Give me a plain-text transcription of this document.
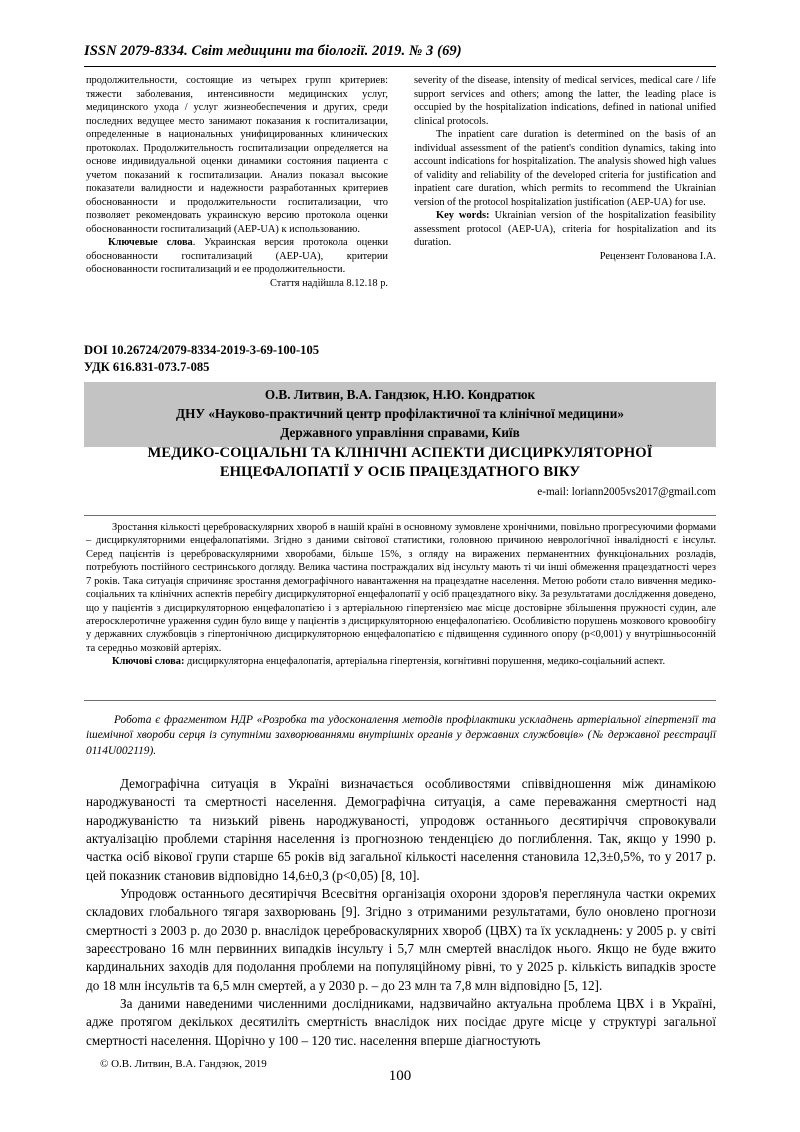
ISSN 2079-8334. Світ медицини та біології. 2019. № 3 (69)

продолжительности, состоящие из четырех групп критериев: тяжести заболевания, интенсивности медицинских услуг, медицинского ухода / услуг жизнеобеспечения и других, среди последних ведущее место занимают показания к госпитализации, определенные в национальных унифицированных клинических протоколах. Продолжительность госпитализации определяется на основе индивидуальной оценки динамики состояния пациента с учетом показаний к госпитализации. Анализ показал высокие показатели валидности и надежности разработанных критериев обоснованности и продолжительности госпитализации, что позволяет рекомендовать украинскую версию протокола оценки обоснованности госпитализаций (AEP-UA) к использованию.

Ключевые слова. Украинская версия протокола оценки обоснованности госпитализаций (AEP-UA), критерии обоснованности госпитализаций и ее продолжительности.

Стаття надійшла 8.12.18 р.

severity of the disease, intensity of medical services, medical care / life support services and others; among the latter, the leading place is occupied by the hospitalization indications, defined in national unified clinical protocols.

The inpatient care duration is determined on the basis of an individual assessment of the patient's condition dynamics, taking into account indications for hospitalization. The analysis showed high values of validity and reliability of the developed criteria for justification and inpatient care duration, which permits to recommend the Ukrainian version of the protocol hospitalization justification (AEP-UA) for use.

Key words: Ukrainian version of the hospitalization feasibility assessment protocol (AEP-UA), criteria for hospitalization and its duration.

Рецензент Голованова І.А.

DOI 10.26724/2079-8334-2019-3-69-100-105
УДК 616.831-073.7-085
О.В. Литвин, В.А. Гандзюк, Н.Ю. Кондратюк
ДНУ «Науково-практичний центр профілактичної та клінічної медицини»
Державного управління справами, Київ
МЕДИКО-СОЦІАЛЬНІ ТА КЛІНІЧНІ АСПЕКТИ ДИСЦИРКУЛЯТОРНОЇ
ЕНЦЕФАЛОПАТІЇ У ОСІБ ПРАЦЕЗДАТНОГО ВІКУ
e-mail: loriann2005vs2017@gmail.com

Зростання кількості цереброваскулярних хвороб в нашій країні в основному зумовлене хронічними, повільно прогресуючими формами – дисциркуляторними енцефалопатіями. Згідно з даними світової статистики, головною причиною неврологічної інвалідності є інсульт. Серед пацієнтів із цереброваскулярними хворобами, більше 15%, з огляду на виражених перманентних функціональних розладів, потребують постійного сестринського догляду. Велика частина постраждалих від інсульту мають ті чи інші обмеження працездатності через 7 років. Така ситуація спричиняє зростання демографічного навантаження на працездатне населення. Метою роботи стало вивчення медико-соціальних та клінічних аспектів перебігу дисциркуляторної енцефалопатії у осіб працездатного віку. За результатами дослідження доведено, що у пацієнтів з дисциркуляторною енцефалопатією і з артеріальною гіпертензією має місце достовірне збільшення пружності судин, але атеросклеротичне ураження судин було вище у пацієнтів з дисциркуляторною енцефалопатією. Особливістю порушень мозкового кровообігу у державних службовців з гіпертонічною дисциркуляторною енцефалопатією є підвищення судинного опору (p<0,001) у внутрішньосонній та середньо мозковій артеріях.

Ключові слова: дисциркуляторна енцефалопатія, артеріальна гіпертензія, когнітивні порушення, медико-соціальний аспект.

Робота є фрагментом НДР «Розробка та удосконалення методів профілактики ускладнень артеріальної гіпертензії та ішемічної хвороби серця із супутніми захворюваннями внутрішніх органів у державних службовців» (№ державної реєстрації 0114U002119).

Демографічна ситуація в Україні визначається особливостями співвідношення між динамікою народжуваності та смертності населення. Демографічна ситуація, а саме переважання смертності над народжуваністю та низький рівень народжуваності, упродовж останнього десятиріччя спровокували актуалізацію проблеми старіння населення із прогнозною тенденцією до поглиблення. Так, якщо у 1990 р. частка осіб вікової групи старше 65 років від загальної кількості населення становила 12,3±0,5%, то у 2017 р. цей показник становив відповідно 14,6±0,3 (p<0,05) [8, 10].

Упродовж останнього десятиріччя Всесвітня організація охорони здоров'я переглянула частки окремих складових глобального тягаря захворювань [9]. Згідно з отриманими результатами, було оновлено прогнози смертності з 2003 р. до 2030 р. внаслідок цереброваскулярних хвороб (ЦВХ) та їх ускладнень: у 2005 р. у світі зареєстровано 16 млн первинних випадків інсульту і 5,7 млн смертей внаслідок нього. Якщо не буде вжито кардинальних заходів для подолання проблеми на популяційному рівні, то у 2025 р. кількість випадків зросте до 18 млн інсультів та 6,5 млн смертей, а у 2030 р. – до 23 млн та 7,8 млн відповідно [5, 12].

За даними наведеними численними дослідниками, надзвичайно актуальна проблема ЦВХ і в Україні, адже протягом декількох десятиліть смертність внаслідок них посідає друге місце у структурі загальної смертності населення. Щорічно у 100 – 120 тис. населення вперше діагностують

© О.В. Литвин, В.А. Гандзюк, 2019
100
